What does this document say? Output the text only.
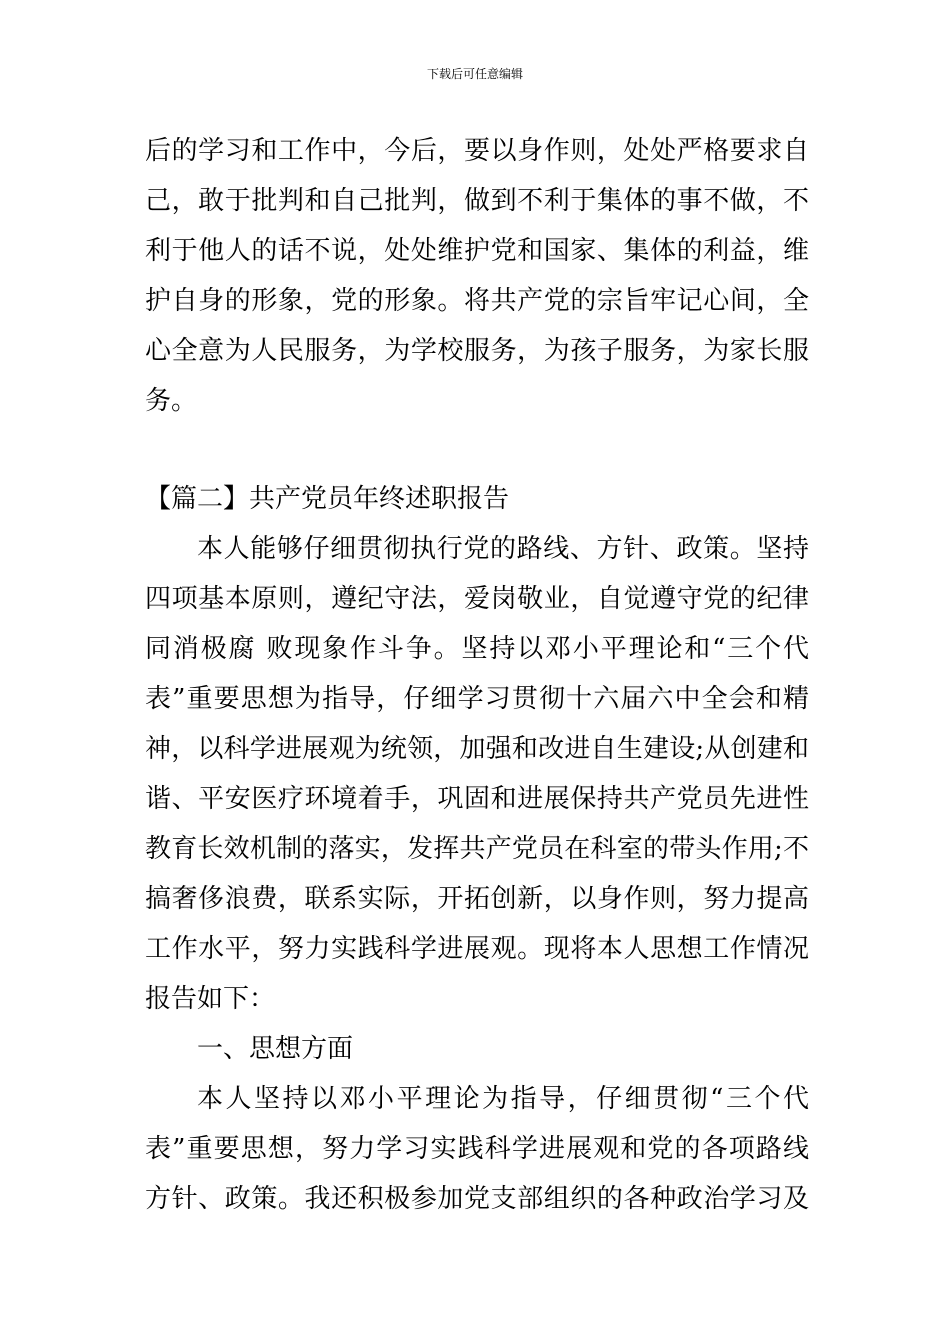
下载后可任意编辑
后的学习和工作中，今后，要以身作则，处处严格要求自
己，敢于批判和自己批判，做到不利于集体的事不做，不
利于他人的话不说，处处维护党和国家、集体的利益，维
护自身的形象，党的形象。将共产党的宗旨牢记心间，全
心全意为人民服务，为学校服务，为孩子服务，为家长服
务。
【篇二】共产党员年终述职报告
本人能够仔细贯彻执行党的路线、方针、政策。坚持
四项基本原则，遵纪守法，爱岗敬业，自觉遵守党的纪律
同消极腐 败现象作斗争。坚持以邓小平理论和“三个代
表”重要思想为指导，仔细学习贯彻十六届六中全会和精
神，以科学进展观为统领，加强和改进自生建设;从创建和
谐、平安医疗环境着手，巩固和进展保持共产党员先进性
教育长效机制的落实，发挥共产党员在科室的带头作用;不
搞奢侈浪费，联系实际，开拓创新，以身作则，努力提高
工作水平，努力实践科学进展观。现将本人思想工作情况
报告如下：
一、思想方面
本人坚持以邓小平理论为指导，仔细贯彻“三个代
表”重要思想，努力学习实践科学进展观和党的各项路线
方针、政策。我还积极参加党支部组织的各种政治学习及
